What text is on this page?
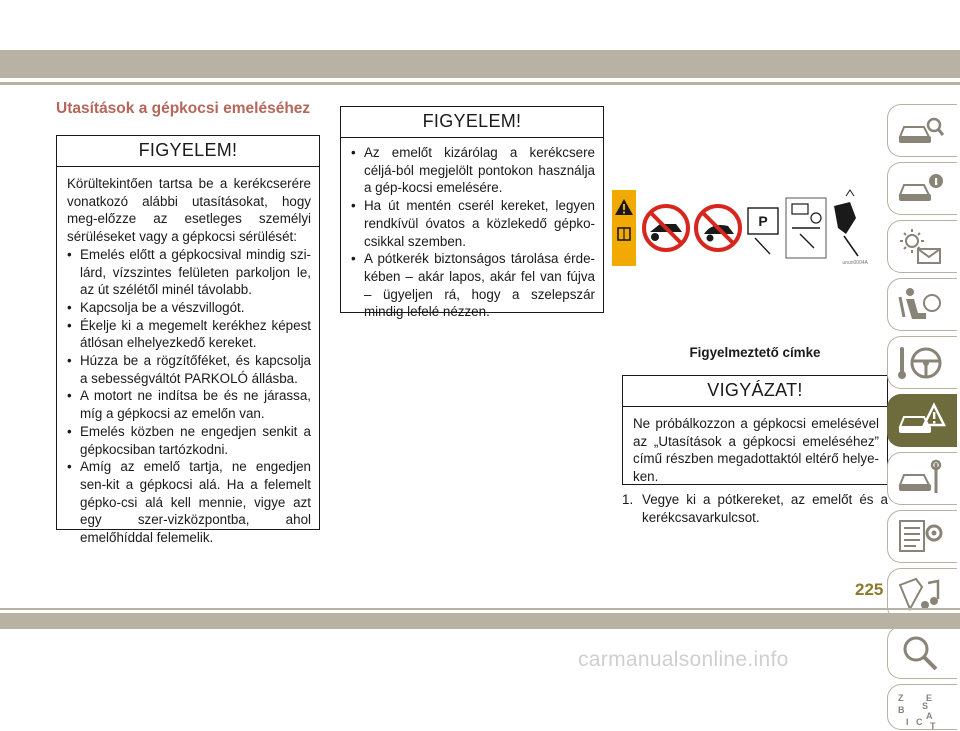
Utasítások a gépkocsi emeléséhez
FIGYELEM!

Körültekintően tartsa be a kerékcserére vonatkozó alábbi utasításokat, hogy meg-előzze az esetleges személyi sérüléseket vagy a gépkocsi sérülését:

• Emelés előtt a gépkocsival mindig szi-lárd, vízszintes felületen parkoljon le, az út szélétől minél távolabb.
• Kapcsolja be a vészvillogót.
• Ékelje ki a megemelt kerékhez képest átlósan elhelyezkedő kereket.
• Húzza be a rögzítőféket, és kapcsolja a sebességváltót PARKOLÓ állásba.
• A motort ne indítsa be és ne járassa, míg a gépkocsi az emelőn van.
• Emelés közben ne engedjen senkit a gépkocsiban tartózkodni.
• Amíg az emelő tartja, ne engedjen sen-kit a gépkocsi alá. Ha a felemelt gépko-csi alá kell mennie, vigye azt egy szer-vizközpontba, ahol emelőhíddal felemelik.
FIGYELEM!
• Az emelőt kizárólag a kerékcsere céljá-ból megjelölt pontokon használja a gép-kocsi emelésére.
• Ha út mentén cserél kereket, legyen rendkívül óvatos a közlekedő gépko-csikkal szemben.
• A pótkerék biztonságos tárolása érde-kében – akár lapos, akár fel van fújva – ügyeljen rá, hogy a szelepszár mindig lefelé nézzen.
P
unun0004A
Figyelmeztető címke
VIGYÁZAT!

Ne próbálkozzon a gépkocsi emelésével az „Utasítások a gépkocsi emeléséhez” című részben megadottaktól eltérő helye-ken.

1. Vegye ki a pótkereket, az emelőt és a kerékcsavarkulcsot.
Z	E
S
B
A
I C T
225
carmanualsonline.info
